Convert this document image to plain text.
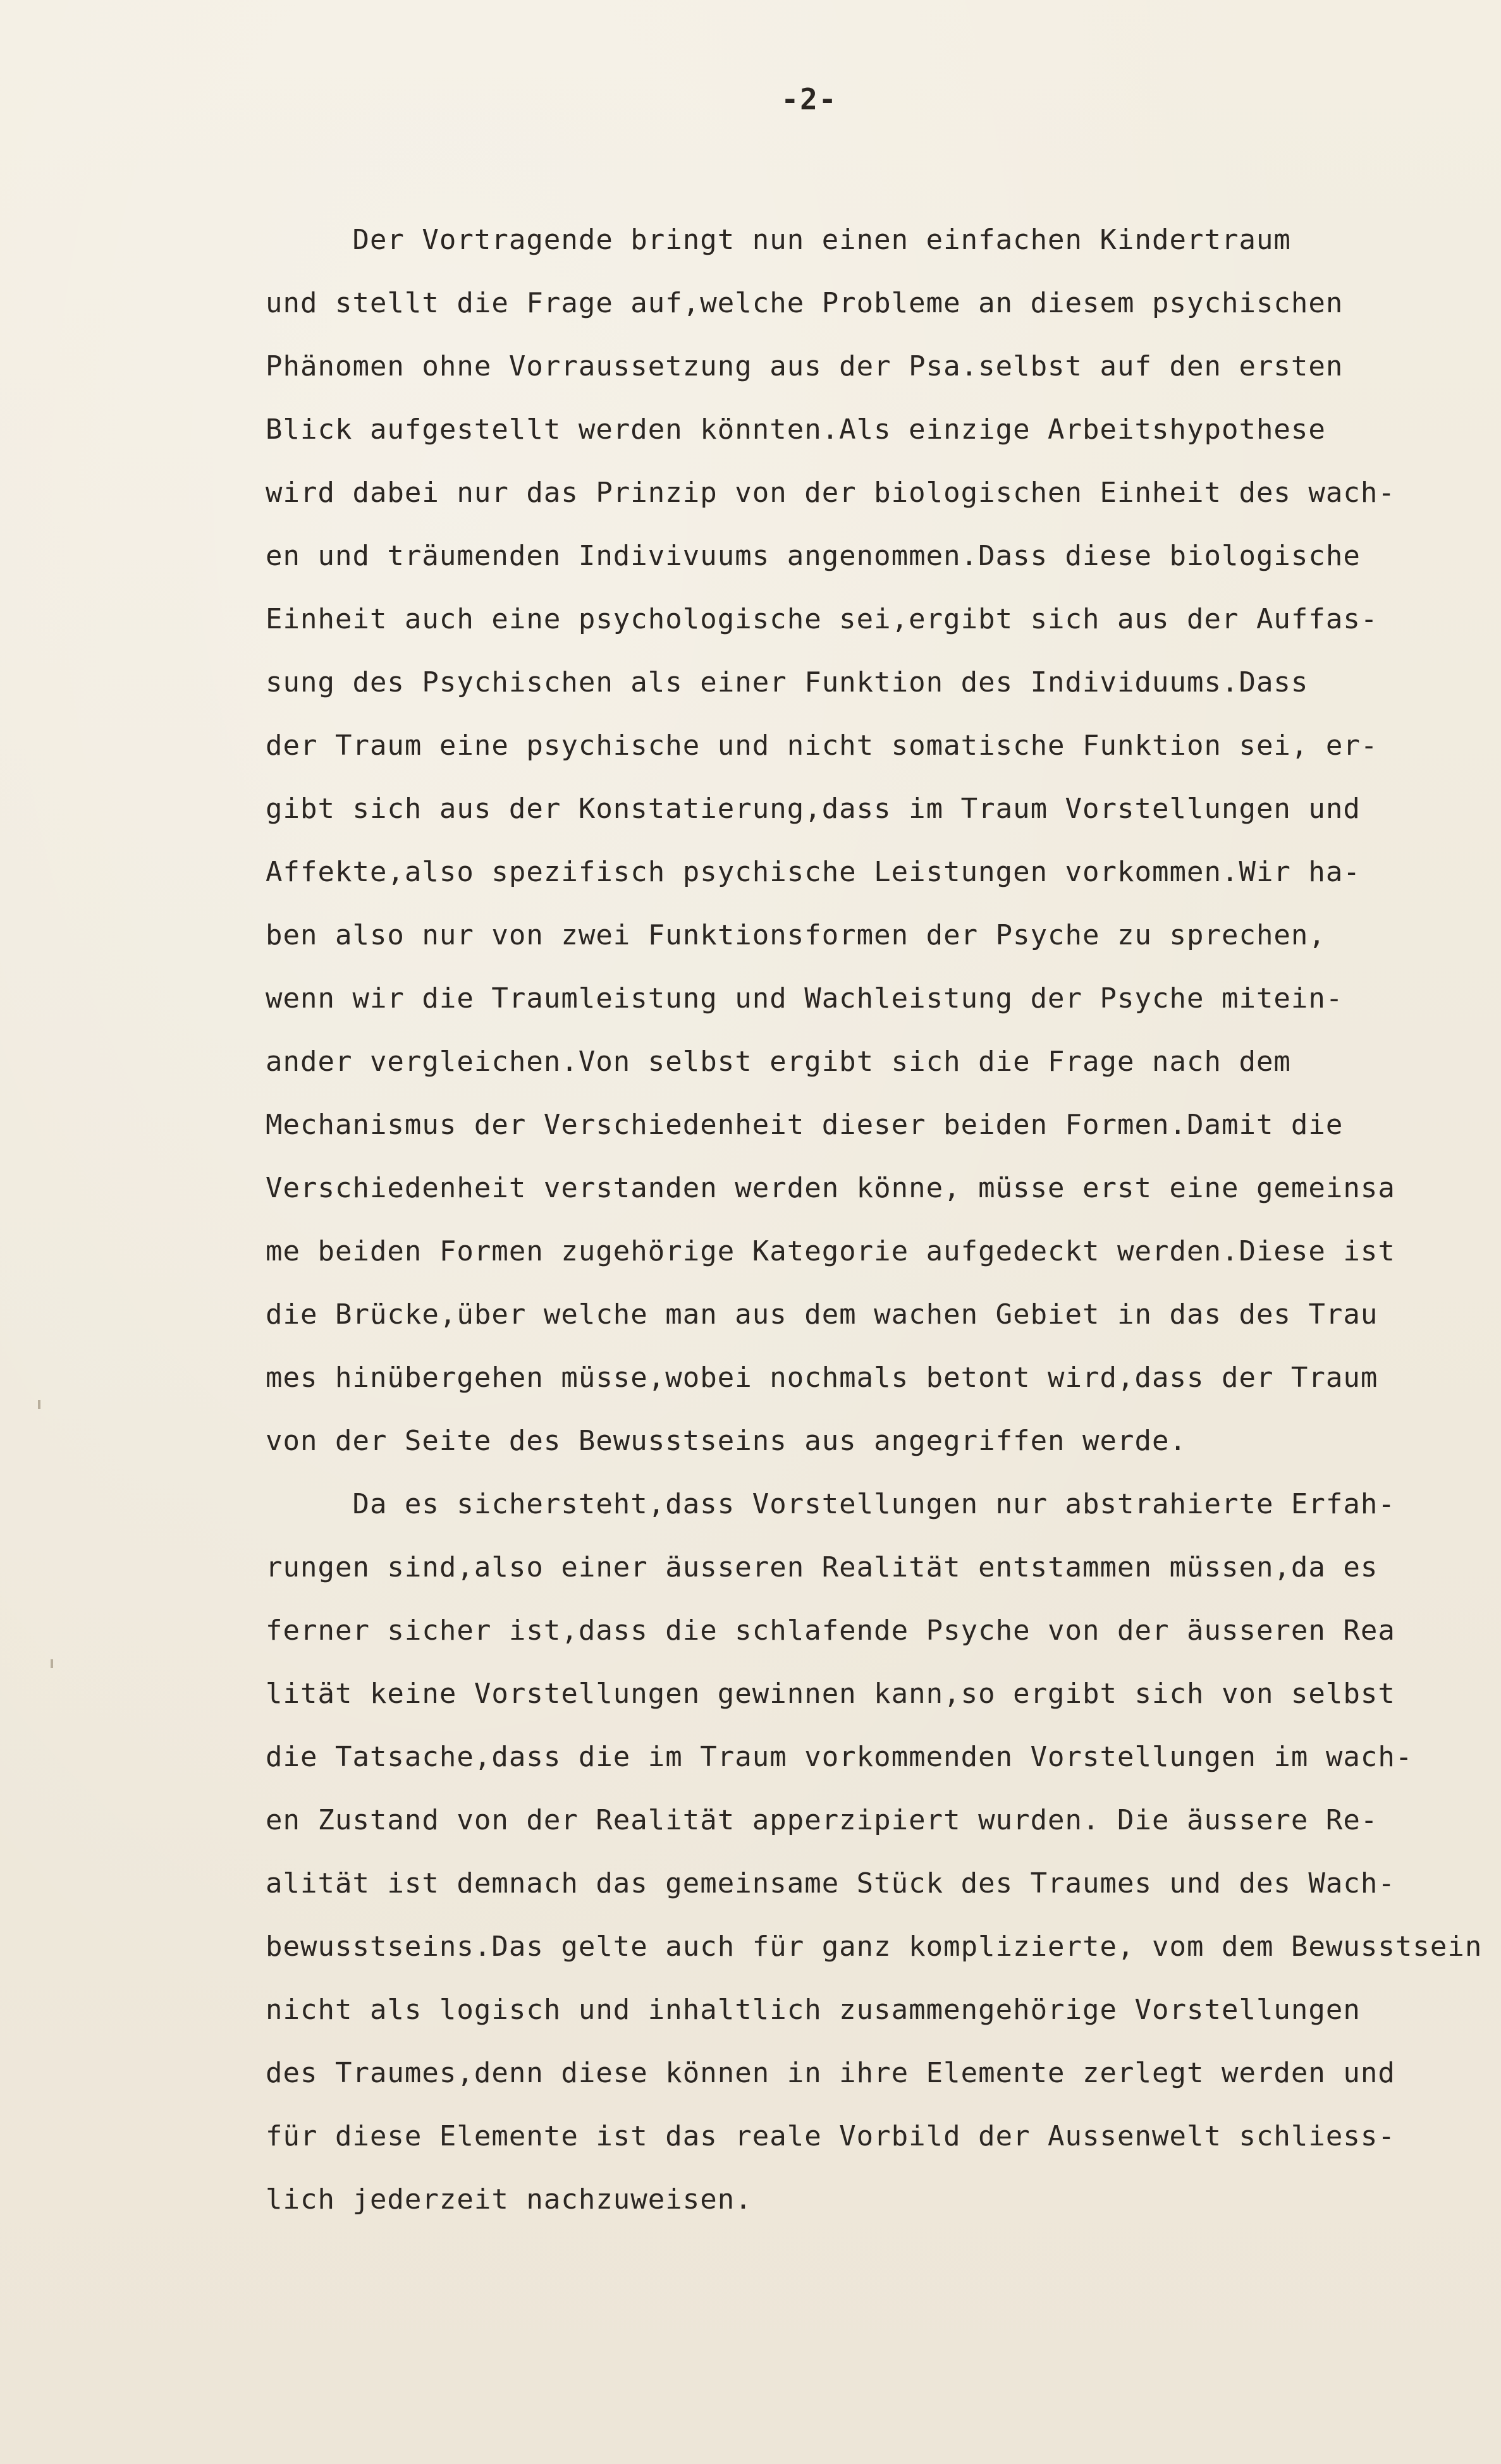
-2-
Der Vortragende bringt nun einen einfachen Kindertraum
und stellt die Frage auf,welche Probleme an diesem psychischen
Phänomen ohne Vorraussetzung aus der Psa.selbst auf den ersten
Blick aufgestellt werden könnten.Als einzige Arbeitshypothese
wird dabei nur das Prinzip von der biologischen Einheit des wach-
en und träumenden Indivivuums angenommen.Dass diese biologische
Einheit auch eine psychologische sei,ergibt sich aus der Auffas-
sung des Psychischen als einer Funktion des Individuums.Dass
der Traum eine psychische und nicht somatische Funktion sei, er-
gibt sich aus der Konstatierung,dass im Traum Vorstellungen und
Affekte,also spezifisch psychische Leistungen vorkommen.Wir ha-
ben also nur von zwei Funktionsformen der Psyche zu sprechen,
wenn wir die Traumleistung und Wachleistung der Psyche mitein-
ander vergleichen.Von selbst ergibt sich die Frage nach dem
Mechanismus der Verschiedenheit dieser beiden Formen.Damit die
Verschiedenheit verstanden werden könne, müsse erst eine gemeinsa
me beiden Formen zugehörige Kategorie aufgedeckt werden.Diese ist
die Brücke,über welche man aus dem wachen Gebiet in das des Trau
mes hinübergehen müsse,wobei nochmals betont wird,dass der Traum
von der Seite des Bewusstseins aus angegriffen werde.
Da es sichersteht,dass Vorstellungen nur abstrahierte Erfah-
rungen sind,also einer äusseren Realität entstammen müssen,da es
ferner sicher ist,dass die schlafende Psyche von der äusseren Rea
lität keine Vorstellungen gewinnen kann,so ergibt sich von selbst
die Tatsache,dass die im Traum vorkommenden Vorstellungen im wach-
en Zustand von der Realität apperzipiert wurden. Die äussere Re-
alität ist demnach das gemeinsame Stück des Traumes und des Wach-
bewusstseins.Das gelte auch für ganz komplizierte, vom dem Bewusstsein
nicht als logisch und inhaltlich zusammengehörige Vorstellungen
des Traumes,denn diese können in ihre Elemente zerlegt werden und
für diese Elemente ist das reale Vorbild der Aussenwelt schliess-
lich jederzeit nachzuweisen.
